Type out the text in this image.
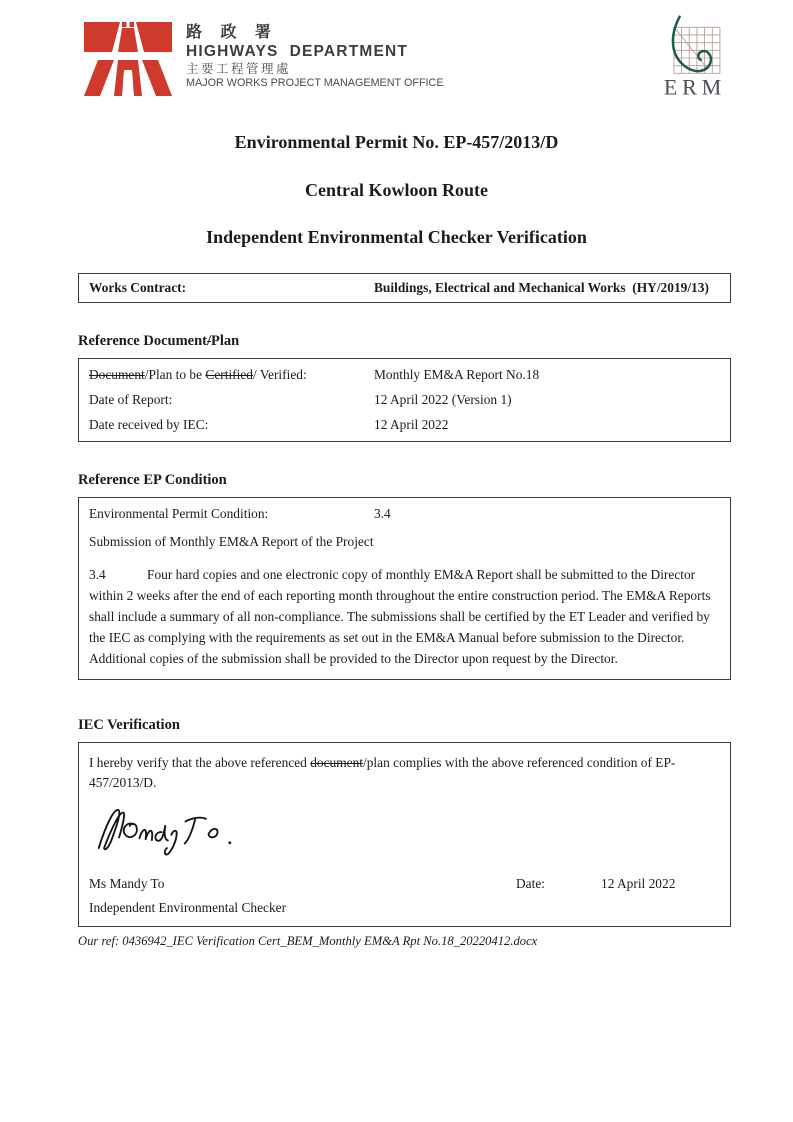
路 政 署
HIGHWAYS  DEPARTMENT
主要工程管理處
MAJOR WORKS PROJECT MANAGEMENT OFFICE	ERM
Environmental Permit No. EP-457/2013/D
Central Kowloon Route
Independent Environmental Checker Verification
Works Contract:	Buildings, Electrical and Mechanical Works  (HY/2019/13)
Reference Document/Plan
Document/Plan to be Certified/ Verified:	Monthly EM&A Report No.18
Date of Report:	12 April 2022 (Version 1)
Date received by IEC:	12 April 2022
Reference EP Condition
Environmental Permit Condition:	3.4
Submission of Monthly EM&A Report of the Project
3.4	Four hard copies and one electronic copy of monthly EM&A Report shall be submitted to the Director within 2 weeks after the end of each reporting month throughout the entire construction period. The EM&A Reports shall include a summary of all non-compliance. The submissions shall be certified by the ET Leader and verified by the IEC as complying with the requirements as set out in the EM&A Manual before submission to the Director. Additional copies of the submission shall be provided to the Director upon request by the Director.
IEC Verification
I hereby verify that the above referenced document/plan complies with the above referenced condition of EP-457/2013/D.
Ms Mandy To	Date:	12 April 2022
Independent Environmental Checker
Our ref: 0436942_IEC Verification Cert_BEM_Monthly EM&A Rpt No.18_20220412.docx
